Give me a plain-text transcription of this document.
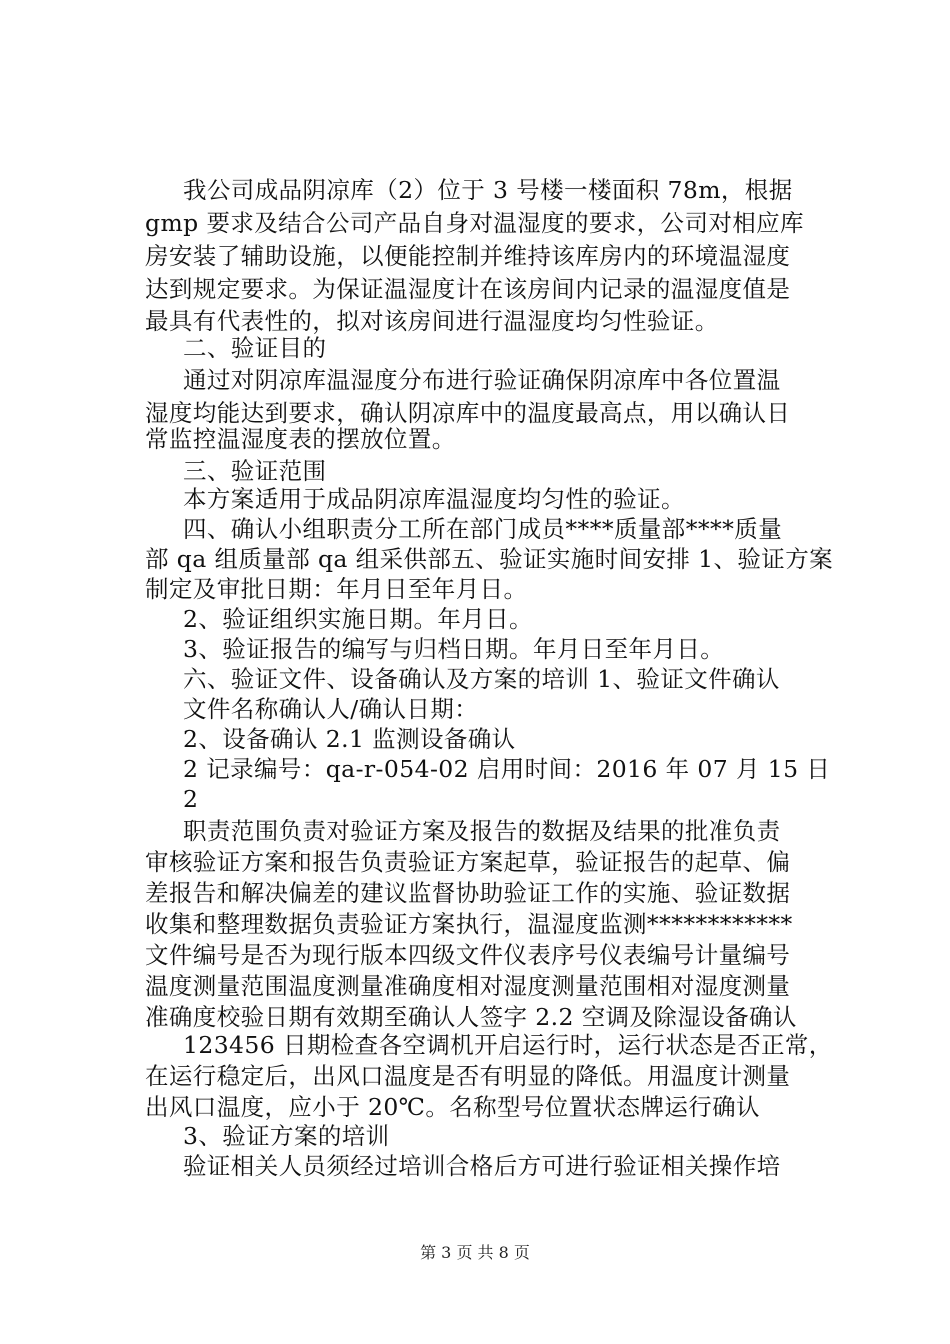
我公司成品阴凉库（2）位于 3 号楼一楼面积 78m，根据
gmp 要求及结合公司产品自身对温湿度的要求，公司对相应库
房安装了辅助设施，以便能控制并维持该库房内的环境温湿度
达到规定要求。为保证温湿度计在该房间内记录的温湿度值是
最具有代表性的，拟对该房间进行温湿度均匀性验证。
二、验证目的
通过对阴凉库温湿度分布进行验证确保阴凉库中各位置温
湿度均能达到要求，确认阴凉库中的温度最高点，用以确认日
常监控温湿度表的摆放位置。
三、验证范围
本方案适用于成品阴凉库温湿度均匀性的验证。
四、确认小组职责分工所在部门成员****质量部****质量
部 qa 组质量部 qa 组采供部五、验证实施时间安排 1、验证方案
制定及审批日期：年月日至年月日。
2、验证组织实施日期。年月日。
3、验证报告的编写与归档日期。年月日至年月日。
六、验证文件、设备确认及方案的培训 1、验证文件确认
文件名称确认人/确认日期：
2、设备确认 2.1 监测设备确认
2 记录编号：qa-r-054-02 启用时间：2016 年 07 月 15 日
2
职责范围负责对验证方案及报告的数据及结果的批准负责
审核验证方案和报告负责验证方案起草，验证报告的起草、偏
差报告和解决偏差的建议监督协助验证工作的实施、验证数据
收集和整理数据负责验证方案执行，温湿度监测************
文件编号是否为现行版本四级文件仪表序号仪表编号计量编号
温度测量范围温度测量准确度相对湿度测量范围相对湿度测量
准确度校验日期有效期至确认人签字 2.2 空调及除湿设备确认
123456 日期检查各空调机开启运行时，运行状态是否正常，
在运行稳定后，出风口温度是否有明显的降低。用温度计测量
出风口温度，应小于 20℃。名称型号位置状态牌运行确认
3、验证方案的培训
验证相关人员须经过培训合格后方可进行验证相关操作培
第 3 页 共 8 页
